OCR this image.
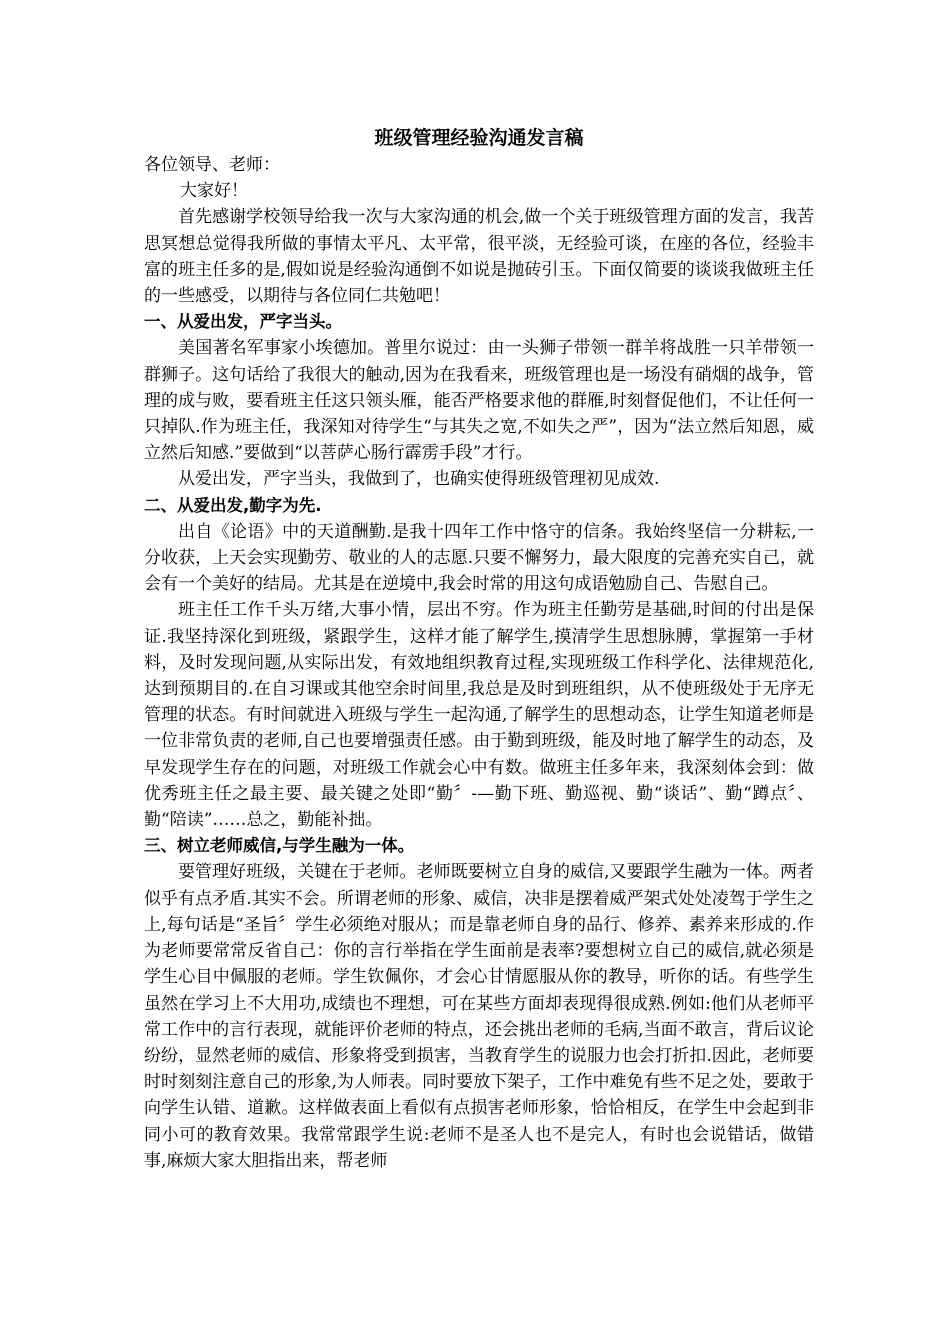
班级管理经验沟通发言稿

各位领导、老师：

大家好！

首先感谢学校领导给我一次与大家沟通的机会,做一个关于班级管理方面的发言，我苦思冥想总觉得我所做的事情太平凡、太平常，很平淡，无经验可谈，在座的各位，经验丰富的班主任多的是,假如说是经验沟通倒不如说是抛砖引玉。下面仅简要的谈谈我做班主任的一些感受，以期待与各位同仁共勉吧！

一、从爱出发，严字当头。

美国著名军事家小埃德加。普里尔说过：由一头狮子带领一群羊将战胜一只羊带领一群狮子。这句话给了我很大的触动,因为在我看来，班级管理也是一场没有硝烟的战争，管理的成与败，要看班主任这只领头雁，能否严格要求他的群雁,时刻督促他们，不让任何一只掉队.作为班主任，我深知对待学生“与其失之宽,不如失之严”，因为“法立然后知恩，威立然后知感.”要做到“以菩萨心肠行霹雳手段”才行。

从爱出发，严字当头，我做到了，也确实使得班级管理初见成效.

二、从爱出发,勤字为先.

出自《论语》中的天道酬勤.是我十四年工作中恪守的信条。我始终坚信一分耕耘,一分收获，上天会实现勤劳、敬业的人的志愿.只要不懈努力，最大限度的完善充实自己，就会有一个美好的结局。尤其是在逆境中,我会时常的用这句成语勉励自己、告慰自己。

班主任工作千头万绪,大事小情，层出不穷。作为班主任勤劳是基础,时间的付出是保证.我坚持深化到班级，紧跟学生，这样才能了解学生,摸清学生思想脉膊，掌握第一手材料，及时发现问题,从实际出发，有效地组织教育过程,实现班级工作科学化、法律规范化,达到预期目的.在自习课或其他空余时间里,我总是及时到班组织，从不使班级处于无序无管理的状态。有时间就进入班级与学生一起沟通,了解学生的思想动态，让学生知道老师是一位非常负责的老师,自己也要增强责任感。由于勤到班级，能及时地了解学生的动态，及早发现学生存在的问题，对班级工作就会心中有数。做班主任多年来，我深刻体会到：做优秀班主任之最主要、最关键之处即“勤〞-—勤下班、勤巡视、勤“谈话”、勤“蹲点〞、勤“陪读”……总之，勤能补拙。

三、树立老师威信,与学生融为一体。

要管理好班级，关键在于老师。老师既要树立自身的威信,又要跟学生融为一体。两者似乎有点矛盾.其实不会。所谓老师的形象、威信，决非是摆着威严架式处处凌驾于学生之上,每句话是“圣旨〞学生必须绝对服从；而是靠老师自身的品行、修养、素养来形成的.作为老师要常常反省自己：你的言行举指在学生面前是表率?要想树立自己的威信,就必须是学生心目中佩服的老师。学生钦佩你，才会心甘情愿服从你的教导，听你的话。有些学生虽然在学习上不大用功,成绩也不理想，可在某些方面却表现得很成熟.例如:他们从老师平常工作中的言行表现，就能评价老师的特点，还会挑出老师的毛病,当面不敢言，背后议论纷纷，显然老师的威信、形象将受到损害，当教育学生的说服力也会打折扣.因此，老师要时时刻刻注意自己的形象,为人师表。同时要放下架子，工作中难免有些不足之处，要敢于向学生认错、道歉。这样做表面上看似有点损害老师形象，恰恰相反，在学生中会起到非同小可的教育效果。我常常跟学生说:老师不是圣人也不是完人，有时也会说错话，做错事,麻烦大家大胆指出来，帮老师
